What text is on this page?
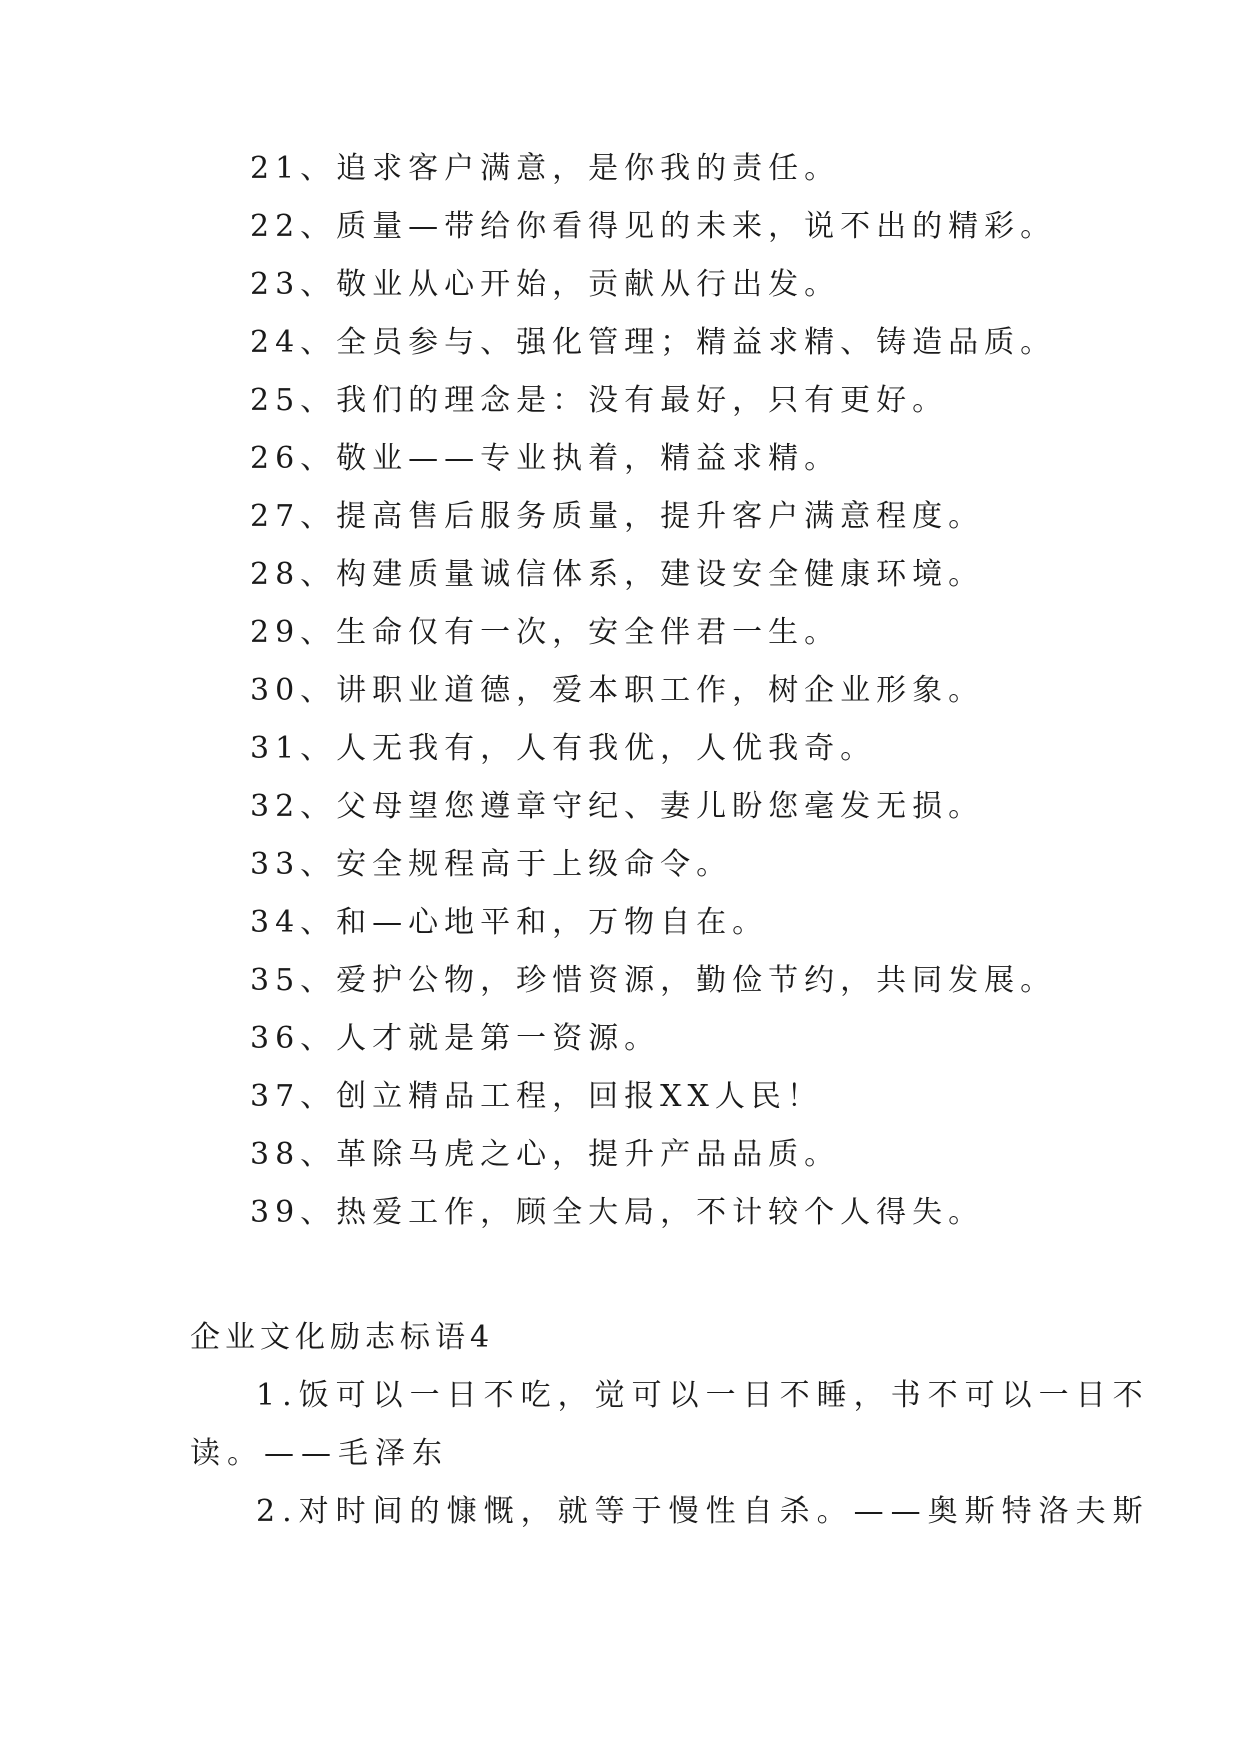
21、追求客户满意，是你我的责任。
22、质量—带给你看得见的未来，说不出的精彩。
23、敬业从心开始，贡献从行出发。
24、全员参与、强化管理；精益求精、铸造品质。
25、我们的理念是：没有最好，只有更好。
26、敬业——专业执着，精益求精。
27、提高售后服务质量，提升客户满意程度。
28、构建质量诚信体系，建设安全健康环境。
29、生命仅有一次，安全伴君一生。
30、讲职业道德，爱本职工作，树企业形象。
31、人无我有，人有我优，人优我奇。
32、父母望您遵章守纪、妻儿盼您毫发无损。
33、安全规程高于上级命令。
34、和—心地平和，万物自在。
35、爱护公物，珍惜资源，勤俭节约，共同发展。
36、人才就是第一资源。
37、创立精品工程，回报XX人民！
38、革除马虎之心，提升产品品质。
39、热爱工作，顾全大局，不计较个人得失。
企业文化励志标语4
1.饭可以一日不吃，觉可以一日不睡，书不可以一日不
读。——毛泽东
2.对时间的慷慨，就等于慢性自杀。——奥斯特洛夫斯
